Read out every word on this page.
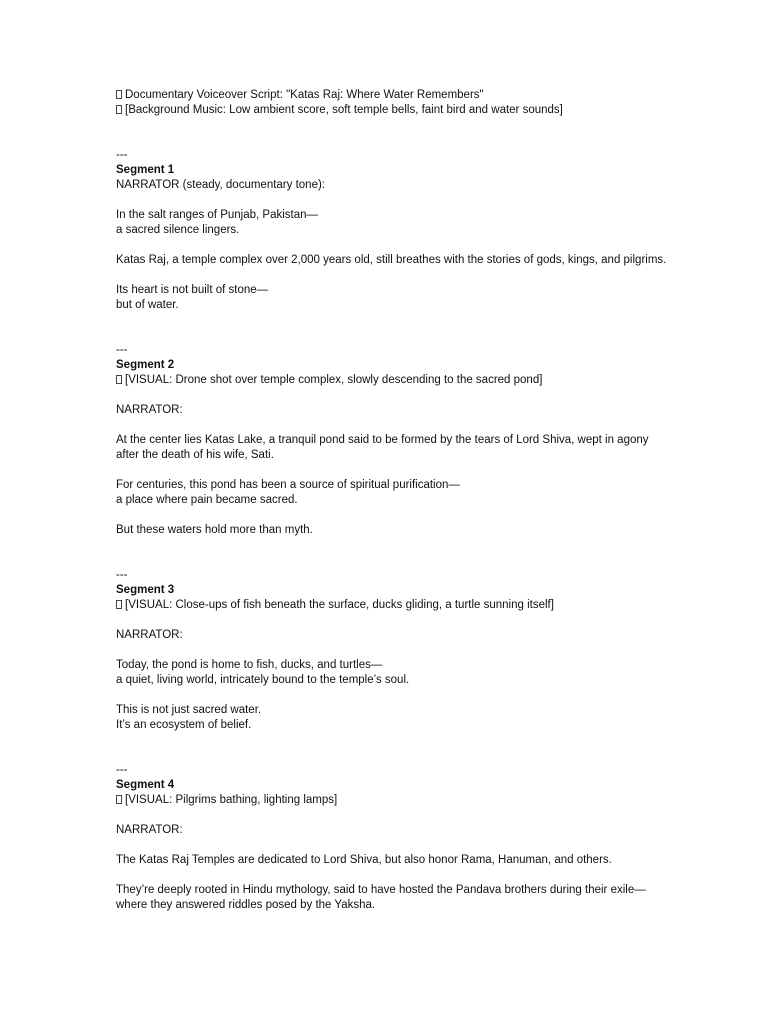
Documentary Voiceover Script: "Katas Raj: Where Water Remembers"
[Background Music: Low ambient score, soft temple bells, faint bird and water sounds]
---
Segment 1
NARRATOR (steady, documentary tone):
In the salt ranges of Punjab, Pakistan—
a sacred silence lingers.
Katas Raj, a temple complex over 2,000 years old, still breathes with the stories of gods, kings, and pilgrims.
Its heart is not built of stone—
but of water.
---
Segment 2
[VISUAL: Drone shot over temple complex, slowly descending to the sacred pond]
NARRATOR:
At the center lies Katas Lake, a tranquil pond said to be formed by the tears of Lord Shiva, wept in agony after the death of his wife, Sati.
For centuries, this pond has been a source of spiritual purification—
a place where pain became sacred.
But these waters hold more than myth.
---
Segment 3
[VISUAL: Close-ups of fish beneath the surface, ducks gliding, a turtle sunning itself]
NARRATOR:
Today, the pond is home to fish, ducks, and turtles—
a quiet, living world, intricately bound to the temple’s soul.
This is not just sacred water.
It’s an ecosystem of belief.
---
Segment 4
[VISUAL: Pilgrims bathing, lighting lamps]
NARRATOR:
The Katas Raj Temples are dedicated to Lord Shiva, but also honor Rama, Hanuman, and others.
They’re deeply rooted in Hindu mythology, said to have hosted the Pandava brothers during their exile—where they answered riddles posed by the Yaksha.
